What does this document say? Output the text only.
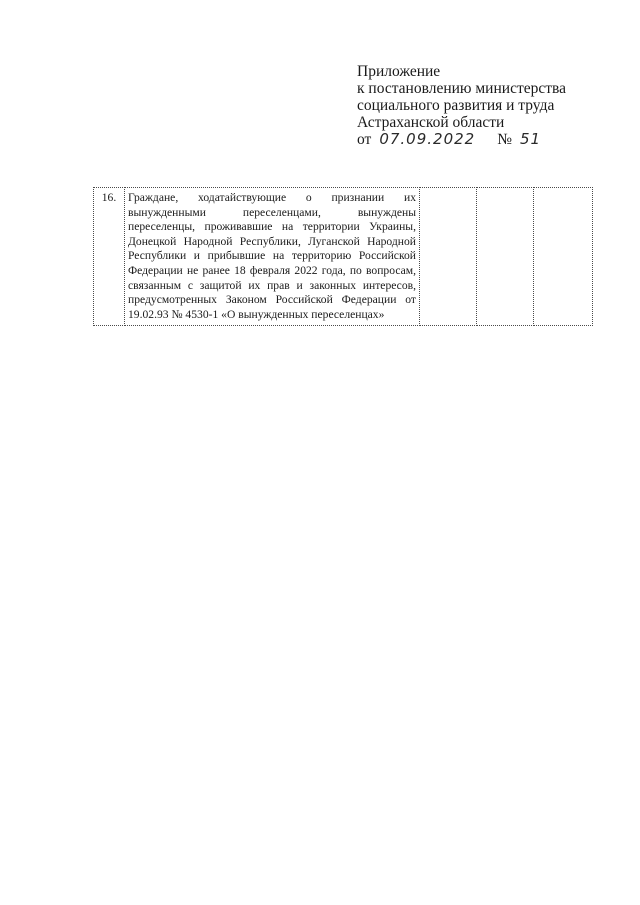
Приложение
к постановлению министерства
социального развития и труда
Астраханской области
от 07.09.2022 № 51
16.	Граждане, ходатайствующие о признании их вынужденными переселенцами, вынуждены переселенцы, проживавшие на территории Украины, Донецкой Народной Республики, Луганской Народной Республики и прибывшие на территорию Российской Федерации не ранее 18 февраля 2022 года, по вопросам, связанным с защитой их прав и законных интересов, предусмотренных Законом Российской Федерации от 19.02.93 № 4530-1 «О вынужденных переселенцах»			
